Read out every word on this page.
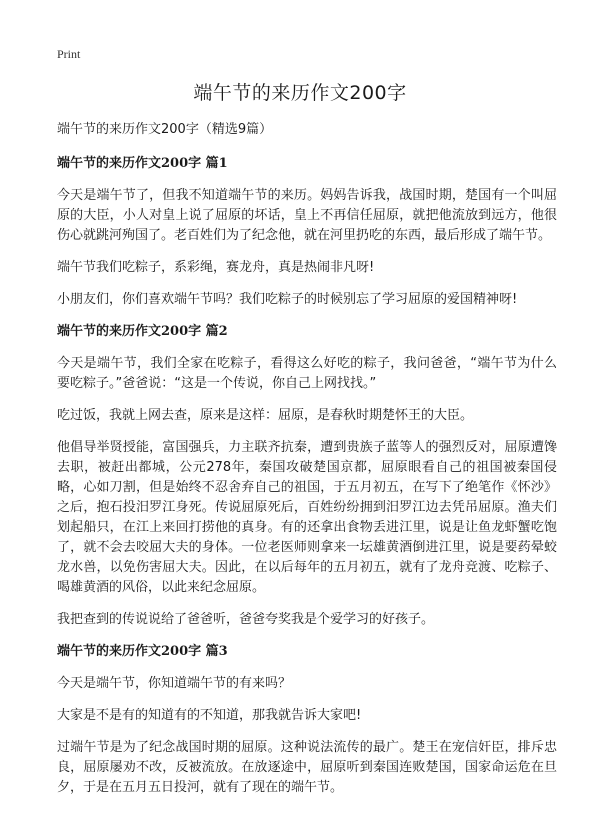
Print
端午节的来历作文200字

端午节的来历作文200字（精选9篇）

端午节的来历作文200字 篇1

今天是端午节了，但我不知道端午节的来历。妈妈告诉我，战国时期，楚国有一个叫屈原的大臣，小人对皇上说了屈原的坏话，皇上不再信任屈原，就把他流放到远方，他很伤心就跳河殉国了。老百姓们为了纪念他，就在河里扔吃的东西，最后形成了端午节。

端午节我们吃粽子，系彩绳，赛龙舟，真是热闹非凡呀!

小朋友们，你们喜欢端午节吗？我们吃粽子的时候别忘了学习屈原的爱国精神呀!

端午节的来历作文200字 篇2

今天是端午节，我们全家在吃粽子，看得这么好吃的粽子，我问爸爸，“端午节为什么要吃粽子。”爸爸说：“这是一个传说，你自己上网找找。”

吃过饭，我就上网去查，原来是这样：屈原，是春秋时期楚怀王的大臣。

他倡导举贤授能，富国强兵，力主联齐抗秦，遭到贵族子蓝等人的强烈反对，屈原遭馋去职，被赶出都城，公元278年，秦国攻破楚国京都，屈原眼看自己的祖国被秦国侵略，心如刀割，但是始终不忍舍弃自己的祖国，于五月初五，在写下了绝笔作《怀沙》之后，抱石投汨罗江身死。传说屈原死后，百姓纷纷拥到汨罗江边去凭吊屈原。渔夫们划起船只，在江上来回打捞他的真身。有的还拿出食物丢进江里，说是让鱼龙虾蟹吃饱了，就不会去咬屈大夫的身体。一位老医师则拿来一坛雄黄酒倒进江里，说是要药晕蛟龙水兽，以免伤害屈大夫。因此，在以后每年的五月初五，就有了龙舟竞渡、吃粽子、喝雄黄酒的风俗，以此来纪念屈原。

我把查到的传说说给了爸爸听，爸爸夸奖我是个爱学习的好孩子。

端午节的来历作文200字 篇3

今天是端午节，你知道端午节的有来吗？

大家是不是有的知道有的不知道，那我就告诉大家吧!

过端午节是为了纪念战国时期的屈原。这种说法流传的最广。楚王在宠信奸臣，排斥忠良，屈原屡劝不改，反被流放。在放逐途中，屈原听到秦国连败楚国，国家命运危在旦夕，于是在五月五日投河，就有了现在的端午节。
